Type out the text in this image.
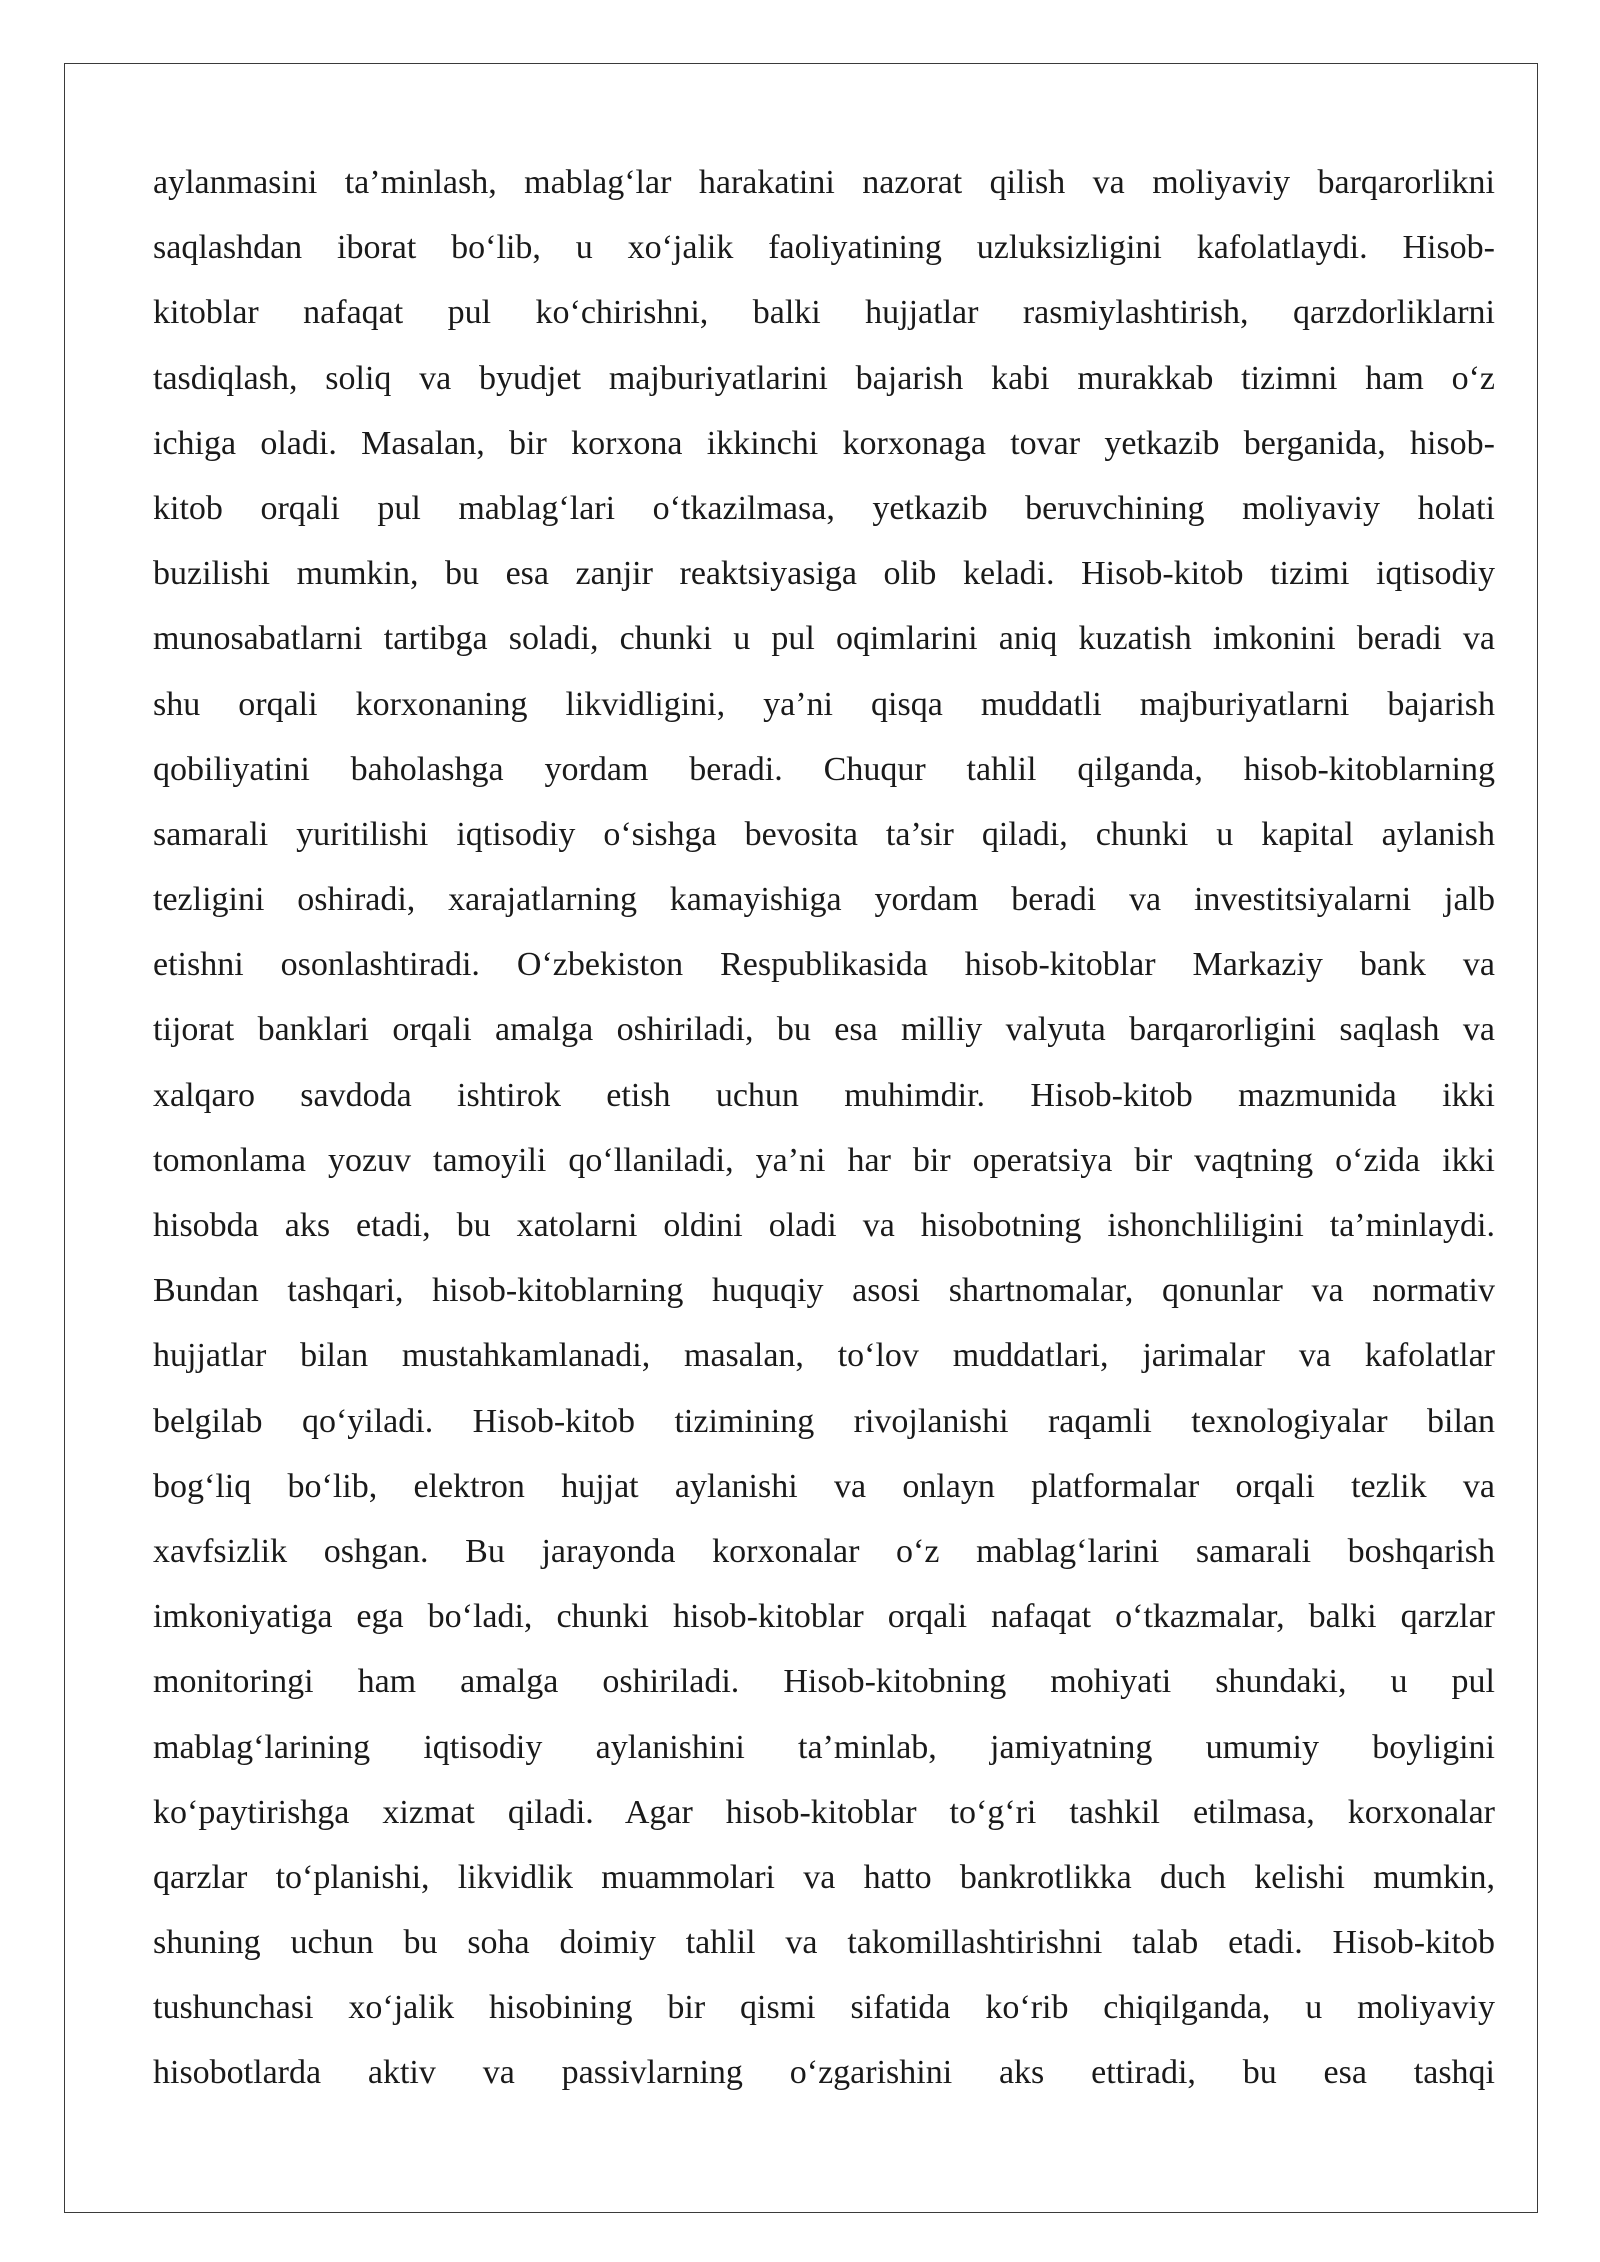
aylanmasini ta’minlash, mablag‘lar harakatini nazorat qilish va moliyaviy barqarorlikni
saqlashdan iborat bo‘lib, u xo‘jalik faoliyatining uzluksizligini kafolatlaydi. Hisob-
kitoblar nafaqat pul ko‘chirishni, balki hujjatlar rasmiylashtirish, qarzdorliklarni
tasdiqlash, soliq va byudjet majburiyatlarini bajarish kabi murakkab tizimni ham o‘z
ichiga oladi. Masalan, bir korxona ikkinchi korxonaga tovar yetkazib berganida, hisob-
kitob orqali pul mablag‘lari o‘tkazilmasa, yetkazib beruvchining moliyaviy holati
buzilishi mumkin, bu esa zanjir reaktsiyasiga olib keladi. Hisob-kitob tizimi iqtisodiy
munosabatlarni tartibga soladi, chunki u pul oqimlarini aniq kuzatish imkonini beradi va
shu orqali korxonaning likvidligini, ya’ni qisqa muddatli majburiyatlarni bajarish
qobiliyatini baholashga yordam beradi. Chuqur tahlil qilganda, hisob-kitoblarning
samarali yuritilishi iqtisodiy o‘sishga bevosita ta’sir qiladi, chunki u kapital aylanish
tezligini oshiradi, xarajatlarning kamayishiga yordam beradi va investitsiyalarni jalb
etishni osonlashtiradi. O‘zbekiston Respublikasida hisob-kitoblar Markaziy bank va
tijorat banklari orqali amalga oshiriladi, bu esa milliy valyuta barqarorligini saqlash va
xalqaro savdoda ishtirok etish uchun muhimdir. Hisob-kitob mazmunida ikki
tomonlama yozuv tamoyili qo‘llaniladi, ya’ni har bir operatsiya bir vaqtning o‘zida ikki
hisobda aks etadi, bu xatolarni oldini oladi va hisobotning ishonchliligini ta’minlaydi.
Bundan tashqari, hisob-kitoblarning huquqiy asosi shartnomalar, qonunlar va normativ
hujjatlar bilan mustahkamlanadi, masalan, to‘lov muddatlari, jarimalar va kafolatlar
belgilab qo‘yiladi. Hisob-kitob tizimining rivojlanishi raqamli texnologiyalar bilan
bog‘liq bo‘lib, elektron hujjat aylanishi va onlayn platformalar orqali tezlik va
xavfsizlik oshgan. Bu jarayonda korxonalar o‘z mablag‘larini samarali boshqarish
imkoniyatiga ega bo‘ladi, chunki hisob-kitoblar orqali nafaqat o‘tkazmalar, balki qarzlar
monitoringi ham amalga oshiriladi. Hisob-kitobning mohiyati shundaki, u pul
mablag‘larining iqtisodiy aylanishini ta’minlab, jamiyatning umumiy boyligini
ko‘paytirishga xizmat qiladi. Agar hisob-kitoblar to‘g‘ri tashkil etilmasa, korxonalar
qarzlar to‘planishi, likvidlik muammolari va hatto bankrotlikka duch kelishi mumkin,
shuning uchun bu soha doimiy tahlil va takomillashtirishni talab etadi. Hisob-kitob
tushunchasi xo‘jalik hisobining bir qismi sifatida ko‘rib chiqilganda, u moliyaviy
hisobotlarda aktiv va passivlarning o‘zgarishini aks ettiradi, bu esa tashqi
